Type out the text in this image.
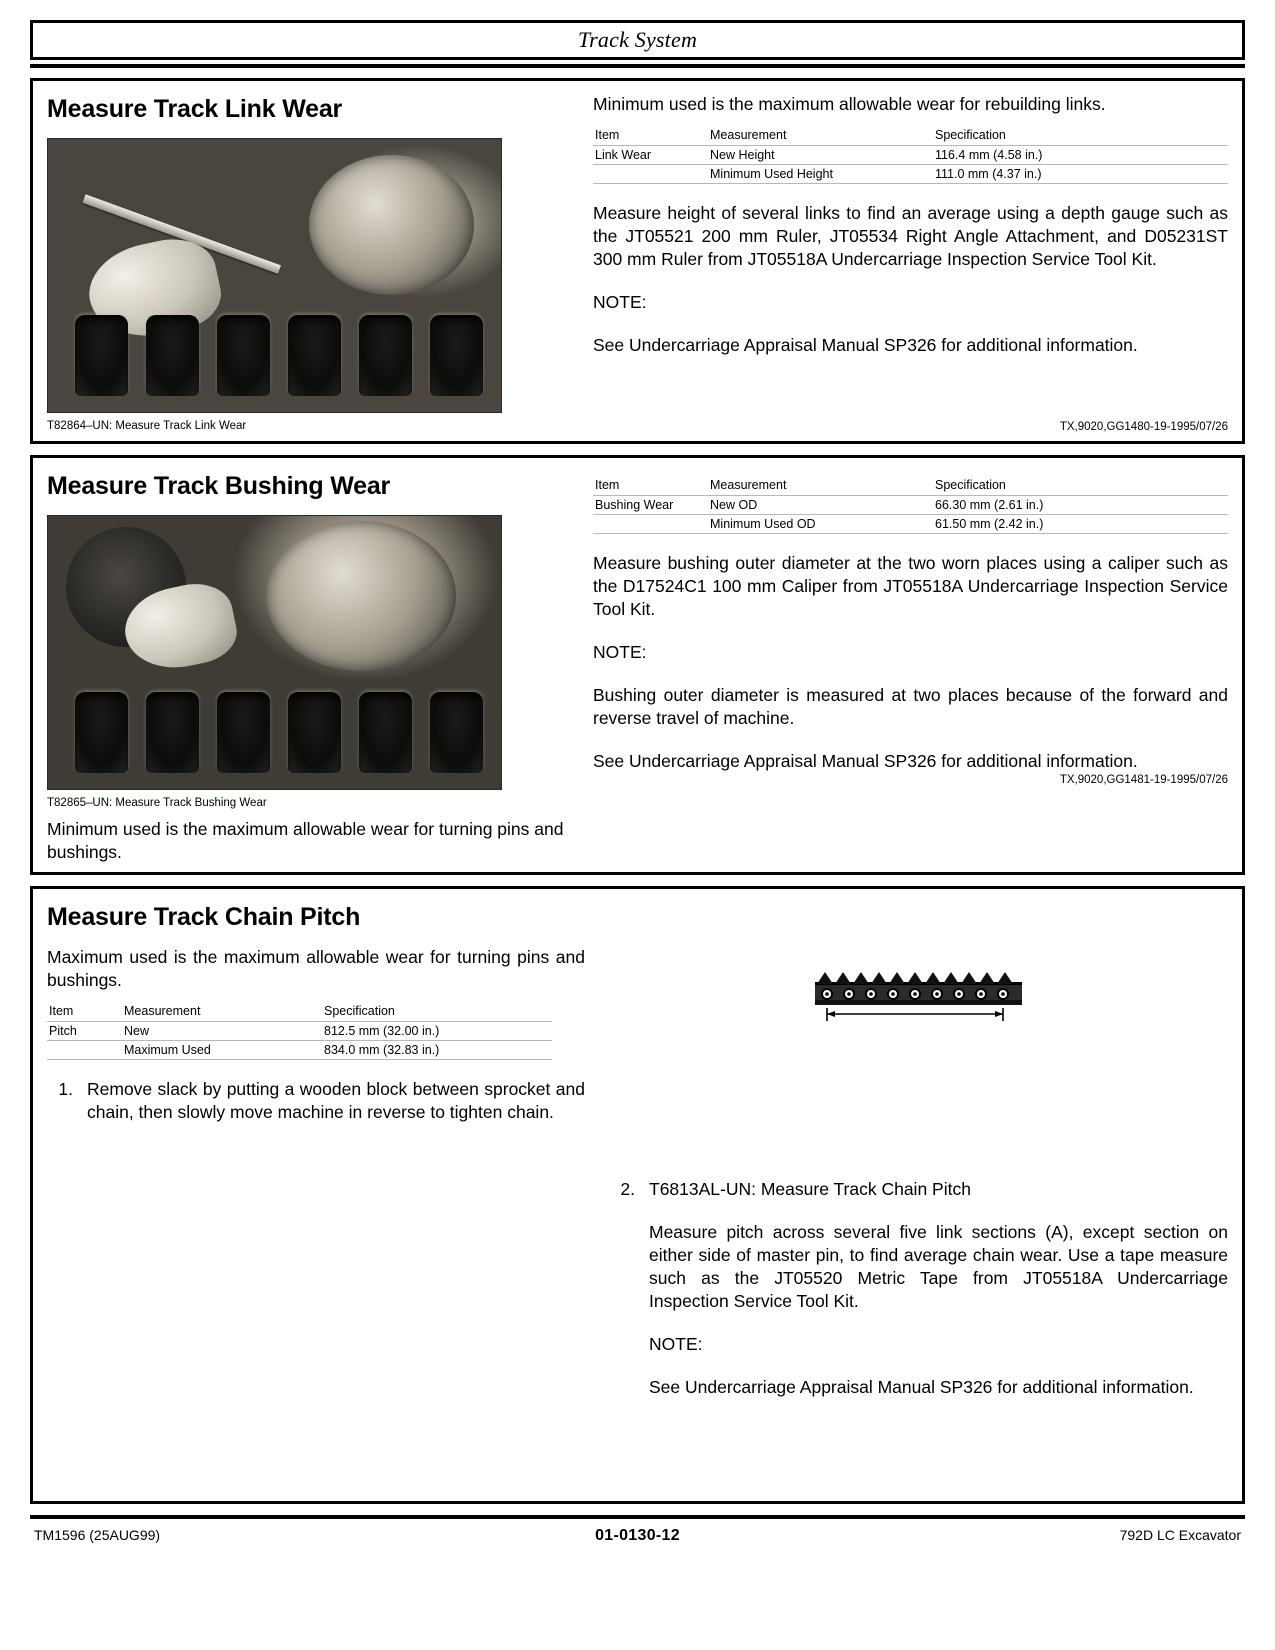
Track System
Measure Track Link Wear

T82864–UN: Measure Track Link Wear

Minimum used is the maximum allowable wear for rebuilding links.

Item	Measurement	Specification
Link Wear	New Height	116.4 mm (4.58 in.)
	Minimum Used Height	111.0 mm (4.37 in.)

Measure height of several links to find an average using a depth gauge such as the JT05521 200 mm Ruler, JT05534 Right Angle Attachment, and D05231ST 300 mm Ruler from JT05518A Undercarriage Inspection Service Tool Kit.

NOTE:

See Undercarriage Appraisal Manual SP326 for additional information.

TX,9020,GG1480-19-1995/07/26
Measure Track Bushing Wear

T82865–UN: Measure Track Bushing Wear

Minimum used is the maximum allowable wear for turning pins and bushings.

Item	Measurement	Specification
Bushing Wear	New OD	66.30 mm (2.61 in.)
	Minimum Used OD	61.50 mm (2.42 in.)

Measure bushing outer diameter at the two worn places using a caliper such as the D17524C1 100 mm Caliper from JT05518A Undercarriage Inspection Service Tool Kit.

NOTE:

Bushing outer diameter is measured at two places because of the forward and reverse travel of machine.

See Undercarriage Appraisal Manual SP326 for additional information.

TX,9020,GG1481-19-1995/07/26
Measure Track Chain Pitch

Maximum used is the maximum allowable wear for turning pins and bushings.

Item	Measurement	Specification
Pitch	New	812.5 mm (32.00 in.)
	Maximum Used	834.0 mm (32.83 in.)
1. Remove slack by putting a wooden block between sprocket and chain, then slowly move machine in reverse to tighten chain.
2. T6813AL-UN: Measure Track Chain Pitch

Measure pitch across several five link sections (A), except section on either side of master pin, to find average chain wear. Use a tape measure such as the JT05520 Metric Tape from JT05518A Undercarriage Inspection Service Tool Kit.

NOTE:

See Undercarriage Appraisal Manual SP326 for additional information.

TM1596 (25AUG99)	01-0130-12	792D LC Excavator
